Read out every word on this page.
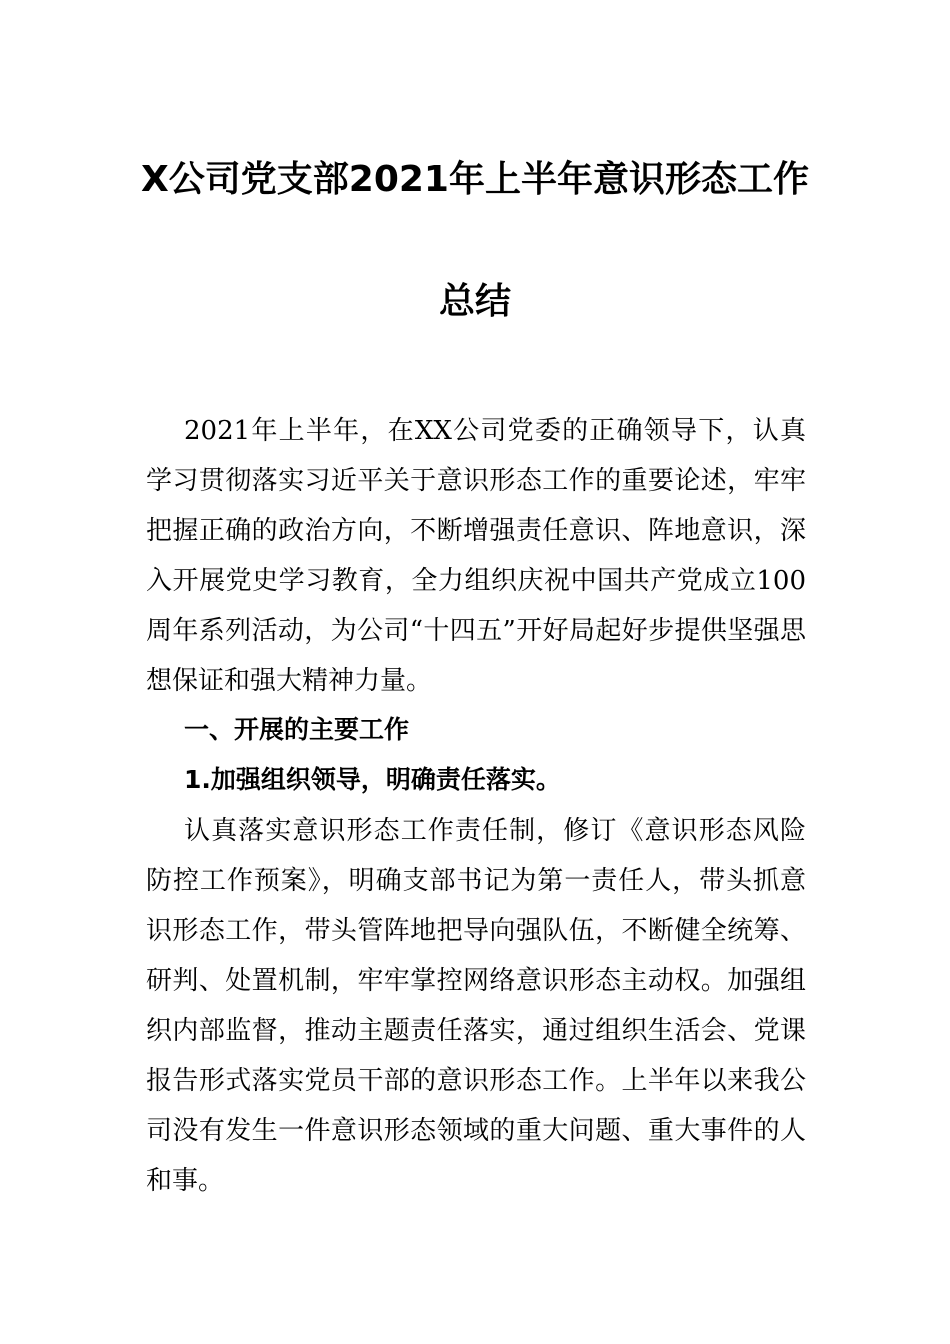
X公司党支部2021年上半年意识形态工作
总结

2021年上半年，在XX公司党委的正确领导下，认真学习贯彻落实习近平关于意识形态工作的重要论述，牢牢把握正确的政治方向，不断增强责任意识、阵地意识，深入开展党史学习教育，全力组织庆祝中国共产党成立100周年系列活动，为公司“十四五”开好局起好步提供坚强思想保证和强大精神力量。

一、开展的主要工作
1.加强组织领导，明确责任落实。

认真落实意识形态工作责任制，修订《意识形态风险防控工作预案》，明确支部书记为第一责任人，带头抓意识形态工作，带头管阵地把导向强队伍，不断健全统筹、研判、处置机制，牢牢掌控网络意识形态主动权。加强组织内部监督，推动主题责任落实，通过组织生活会、党课报告形式落实党员干部的意识形态工作。上半年以来我公司没有发生一件意识形态领域的重大问题、重大事件的人和事。
